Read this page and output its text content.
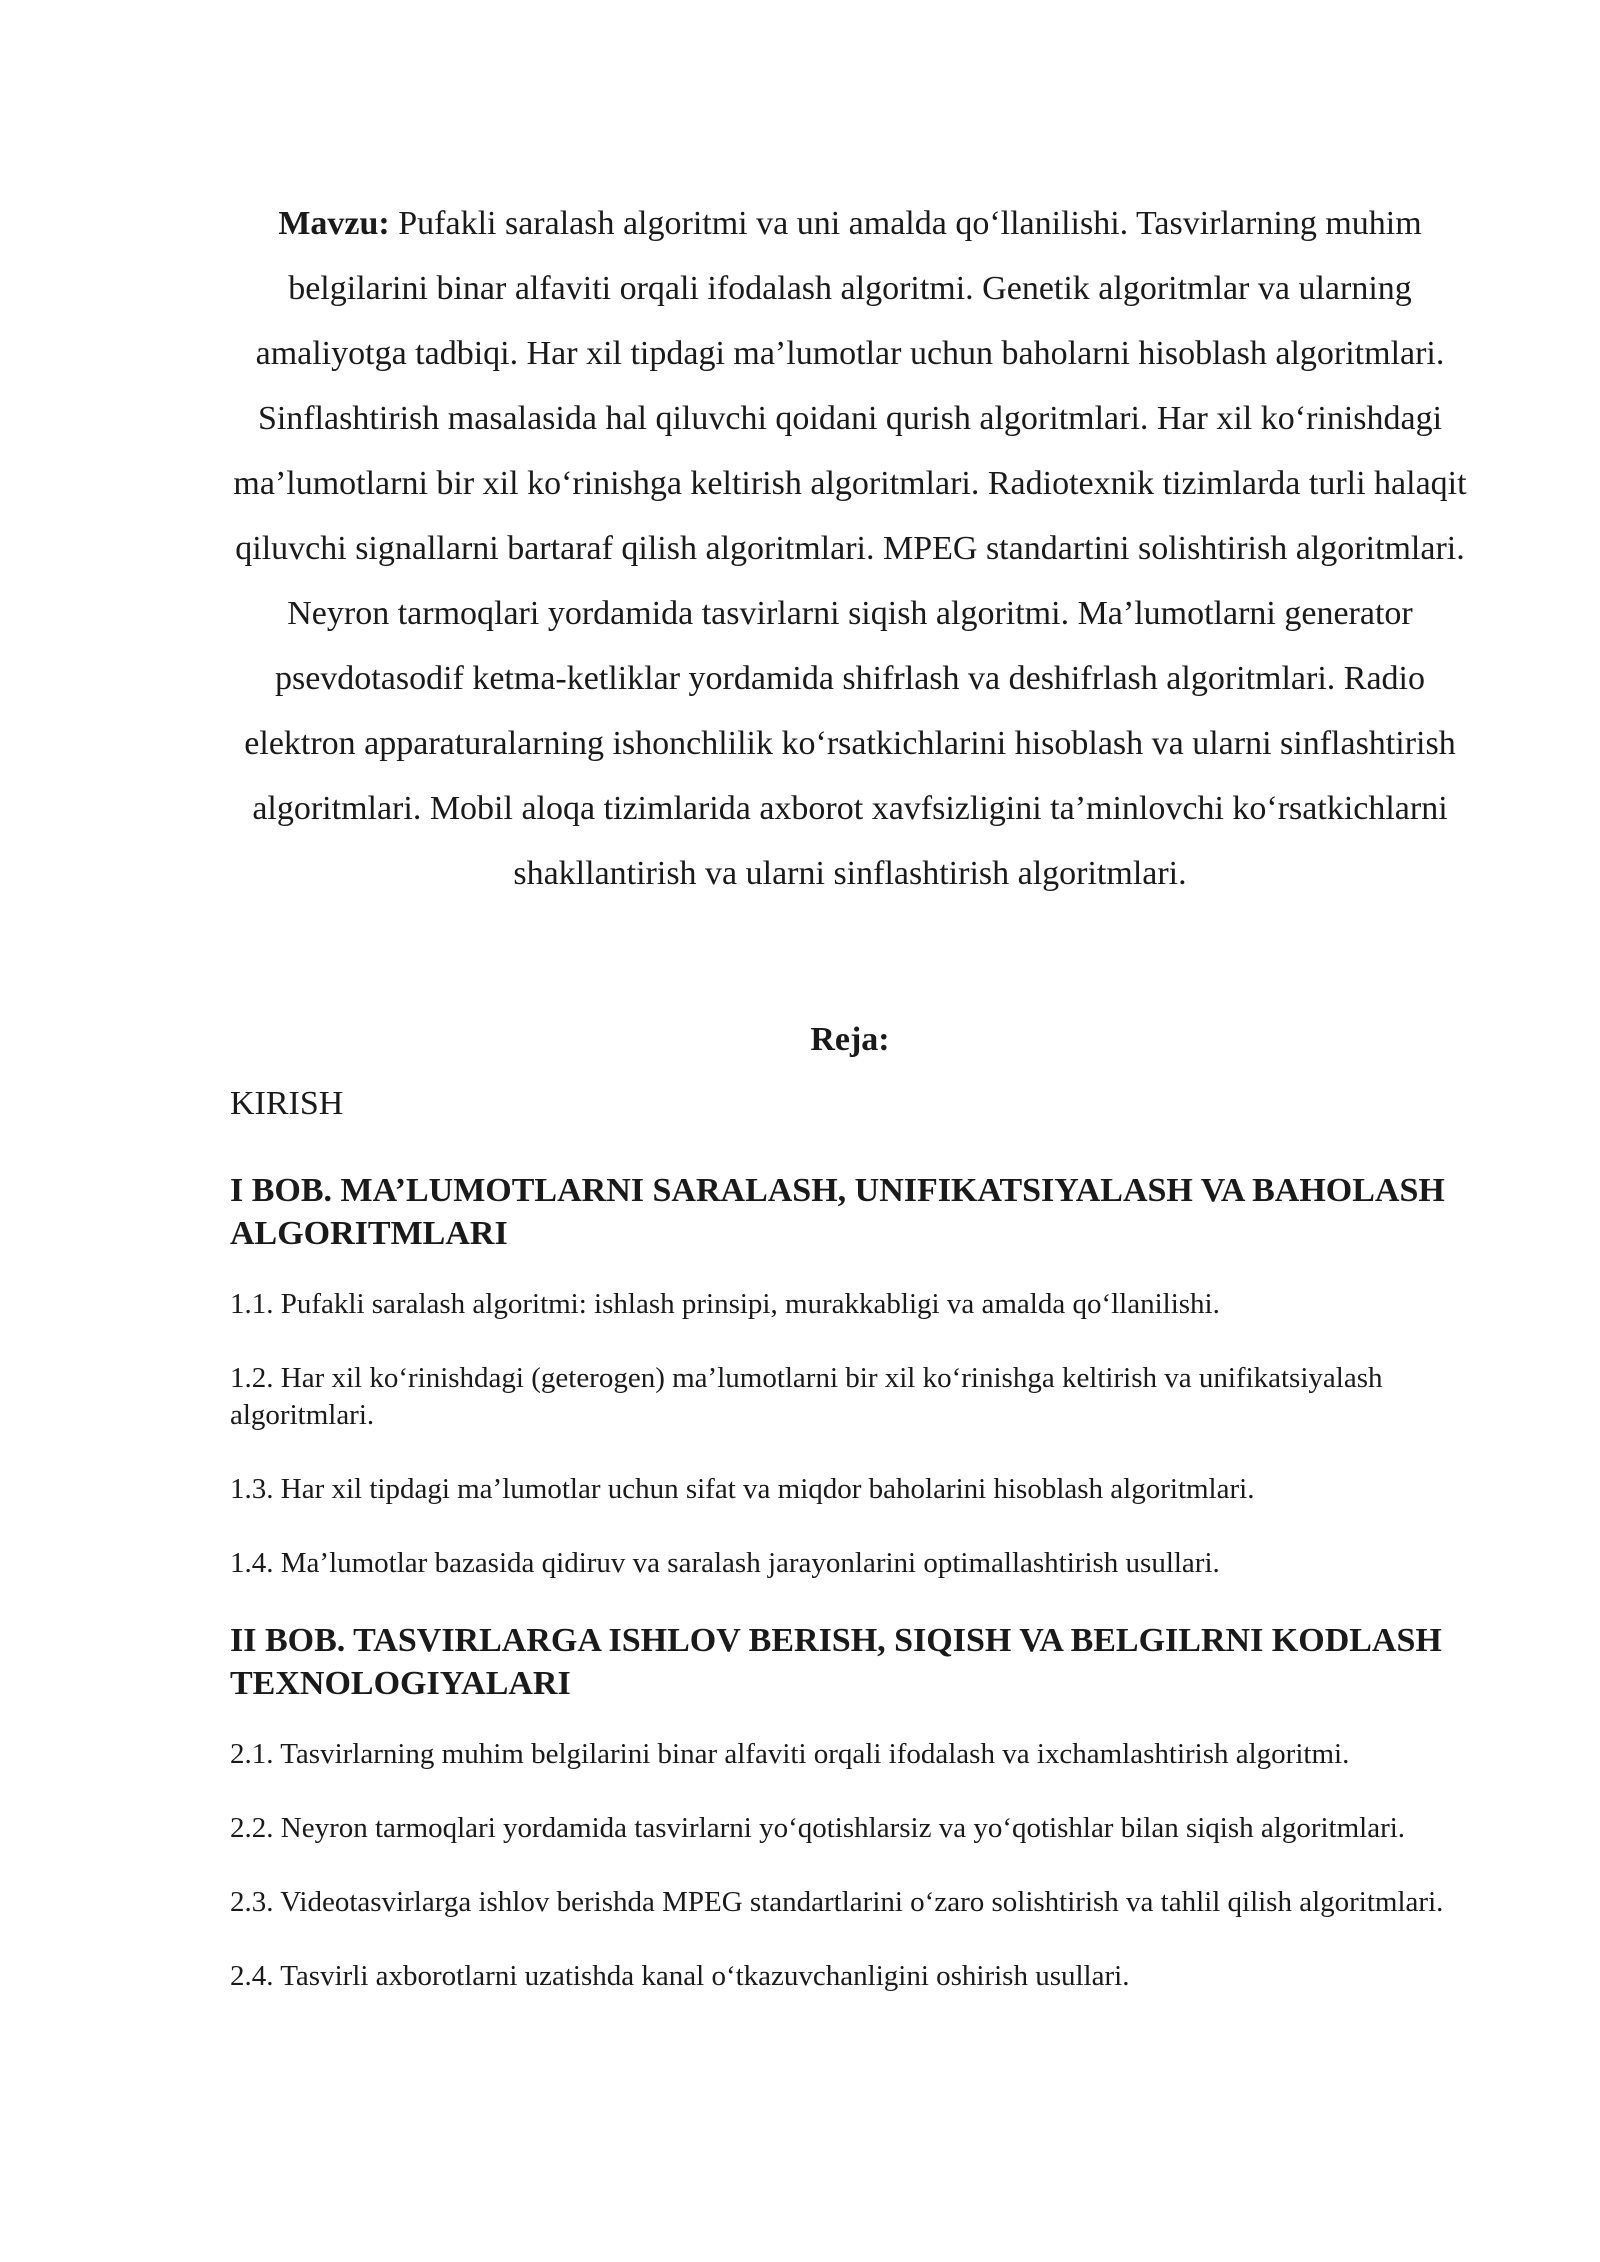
Mavzu: Pufakli saralash algoritmi va uni amalda qo‘llanilishi. Tasvirlarning muhim belgilarini binar alfaviti orqali ifodalash algoritmi. Genetik algoritmlar va ularning amaliyotga tadbiqi. Har xil tipdagi ma’lumotlar uchun baholarni hisoblash algoritmlari. Sinflashtirish masalasida hal qiluvchi qoidani qurish algoritmlari. Har xil ko‘rinishdagi ma’lumotlarni bir xil ko‘rinishga keltirish algoritmlari. Radiotexnik tizimlarda turli halaqit qiluvchi signallarni bartaraf qilish algoritmlari. MPEG standartini solishtirish algoritmlari. Neyron tarmoqlari yordamida tasvirlarni siqish algoritmi. Ma’lumotlarni generator psevdotasodif ketma-ketliklar yordamida shifrlash va deshifrlash algoritmlari. Radio elektron apparaturalarning ishonchlilik ko‘rsatkichlarini hisoblash va ularni sinflashtirish algoritmlari. Mobil aloqa tizimlarida axborot xavfsizligini ta’minlovchi ko‘rsatkichlarni shakllantirish va ularni sinflashtirish algoritmlari.

Reja:
KIRISH
I BOB. MA’LUMOTLARNI SARALASH, UNIFIKATSIYALASH VA BAHOLASH ALGORITMLARI
1.1. Pufakli saralash algoritmi: ishlash prinsipi, murakkabligi va amalda qo‘llanilishi.
1.2. Har xil ko‘rinishdagi (geterogen) ma’lumotlarni bir xil ko‘rinishga keltirish va unifikatsiyalash algoritmlari.
1.3. Har xil tipdagi ma’lumotlar uchun sifat va miqdor baholarini hisoblash algoritmlari.
1.4. Ma’lumotlar bazasida qidiruv va saralash jarayonlarini optimallashtirish usullari.
II BOB. TASVIRLARGA ISHLOV BERISH, SIQISH VA BELGILRNI KODLASH TEXNOLOGIYALARI
2.1. Tasvirlarning muhim belgilarini binar alfaviti orqali ifodalash va ixchamlashtirish algoritmi.
2.2. Neyron tarmoqlari yordamida tasvirlarni yo‘qotishlarsiz va yo‘qotishlar bilan siqish algoritmlari.
2.3. Videotasvirlarga ishlov berishda MPEG standartlarini o‘zaro solishtirish va tahlil qilish algoritmlari.
2.4. Tasvirli axborotlarni uzatishda kanal o‘tkazuvchanligini oshirish usullari.
